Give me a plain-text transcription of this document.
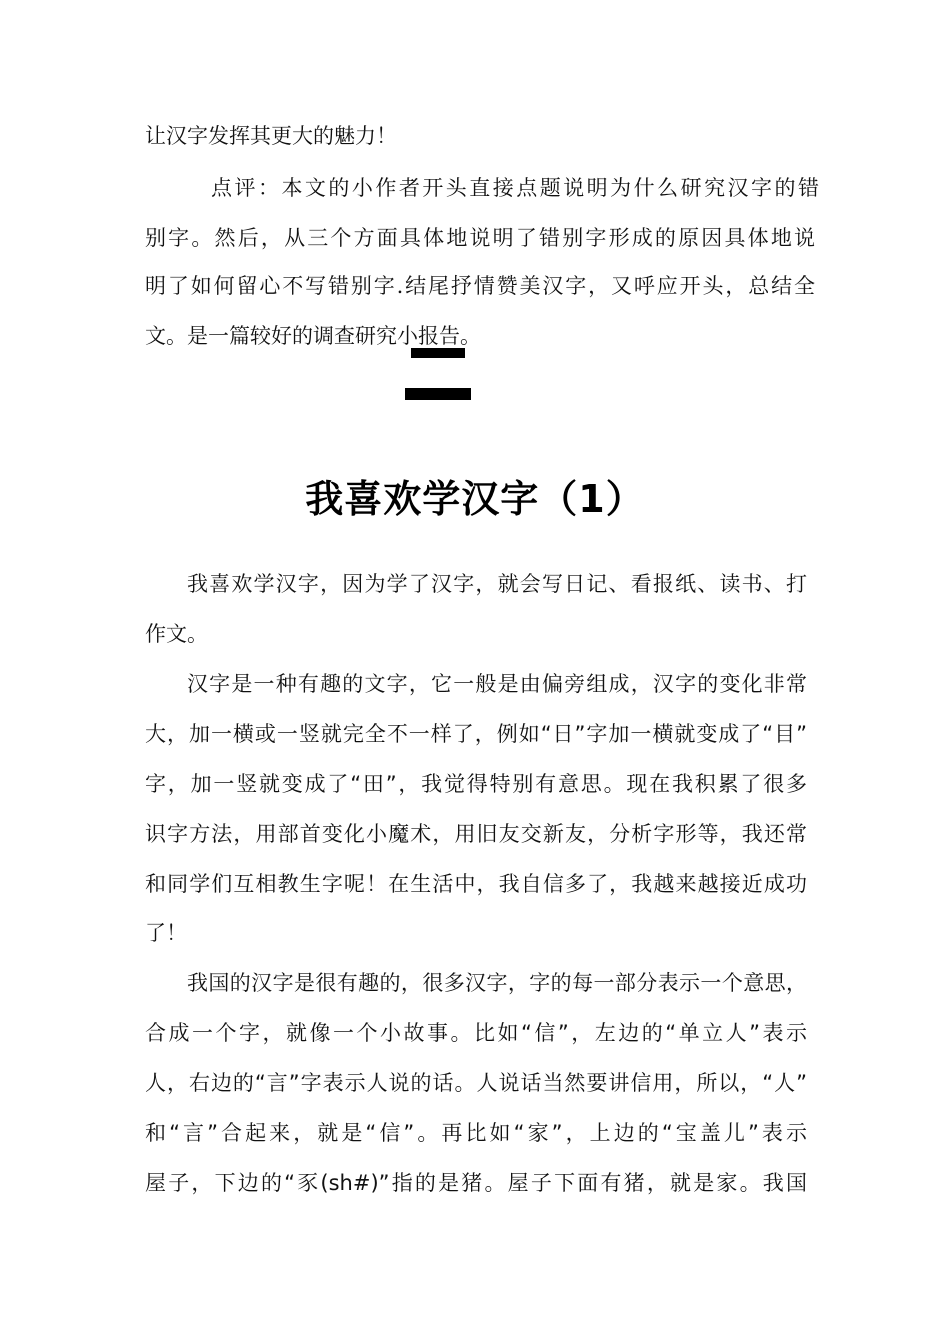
让汉字发挥其更大的魅力！
点评：本文的小作者开头直接点题说明为什么研究汉字的错
别字。然后，从三个方面具体地说明了错别字形成的原因具体地说
明了如何留心不写错别字.结尾抒情赞美汉字，又呼应开头，总结全
文。是一篇较好的调查研究小报告。
我喜欢学汉字（1）
我喜欢学汉字，因为学了汉字，就会写日记、看报纸、读书、打
作文。
汉字是一种有趣的文字，它一般是由偏旁组成，汉字的变化非常
大，加一横或一竖就完全不一样了，例如“日”字加一横就变成了“目”
字，加一竖就变成了“田”，我觉得特别有意思。现在我积累了很多
识字方法，用部首变化小魔术，用旧友交新友，分析字形等，我还常
和同学们互相教生字呢！在生活中，我自信多了，我越来越接近成功
了！
我国的汉字是很有趣的，很多汉字，字的每一部分表示一个意思，
合成一个字，就像一个小故事。比如“信”，左边的“单立人”表示
人，右边的“言”字表示人说的话。人说话当然要讲信用，所以，“人”
和“言”合起来，就是“信”。再比如“家”，上边的“宝盖儿”表示
屋子，下边的“豕(sh#)”指的是猪。屋子下面有猪，就是家。我国
